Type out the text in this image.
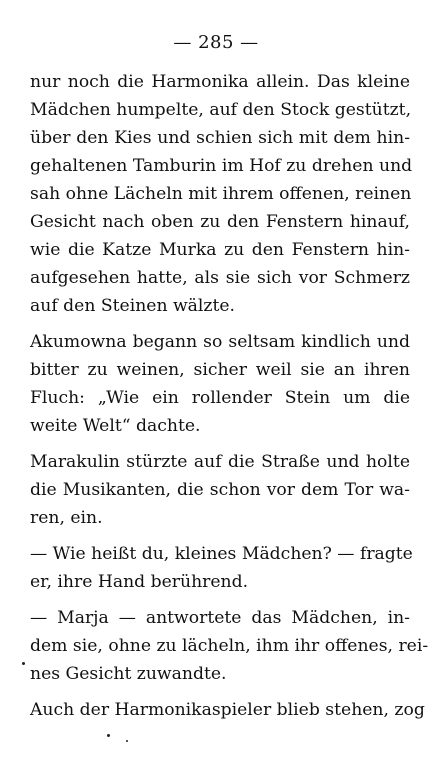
— 285 —
nur noch die Harmonika allein. Das kleine
Mädchen humpelte, auf den Stock gestützt,
über den Kies und schien sich mit dem hin-
gehaltenen Tamburin im Hof zu drehen und
sah ohne Lächeln mit ihrem offenen, reinen
Gesicht nach oben zu den Fenstern hinauf,
wie die Katze Murka zu den Fenstern hin-
aufgesehen hatte, als sie sich vor Schmerz
auf den Steinen wälzte.
Akumowna begann so seltsam kindlich und
bitter zu weinen, sicher weil sie an ihren
Fluch: „Wie ein rollender Stein um die
weite Welt“ dachte.
Marakulin stürzte auf die Straße und holte
die Musikanten, die schon vor dem Tor wa-
ren, ein.
— Wie heißt du, kleines Mädchen? — fragte
er, ihre Hand berührend.
— Marja — antwortete das Mädchen, in-
dem sie, ohne zu lächeln, ihm ihr offenes, rei-
nes Gesicht zuwandte.
Auch der Harmonikaspieler blieb stehen, zog
